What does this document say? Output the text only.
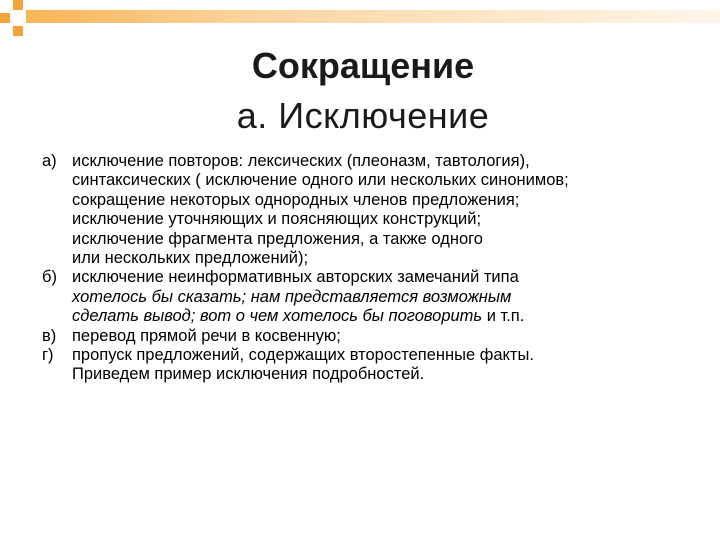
Сокращение
а. Исключение
а) исключение повторов: лексических (плеоназм, тавтология),
синтаксических ( исключение одного или нескольких синонимов;
сокращение некоторых однородных членов предложения;
исключение уточняющих и поясняющих конструкций;
исключение фрагмента предложения, а также одного
или нескольких предложений);
б) исключение неинформативных авторских замечаний типа
хотелось бы сказать; нам представляется возможным
сделать вывод; вот о чем хотелось бы поговорить и т.п.
в) перевод прямой речи в косвенную;
г) пропуск предложений, содержащих второстепенные факты.
Приведем пример исключения подробностей.
